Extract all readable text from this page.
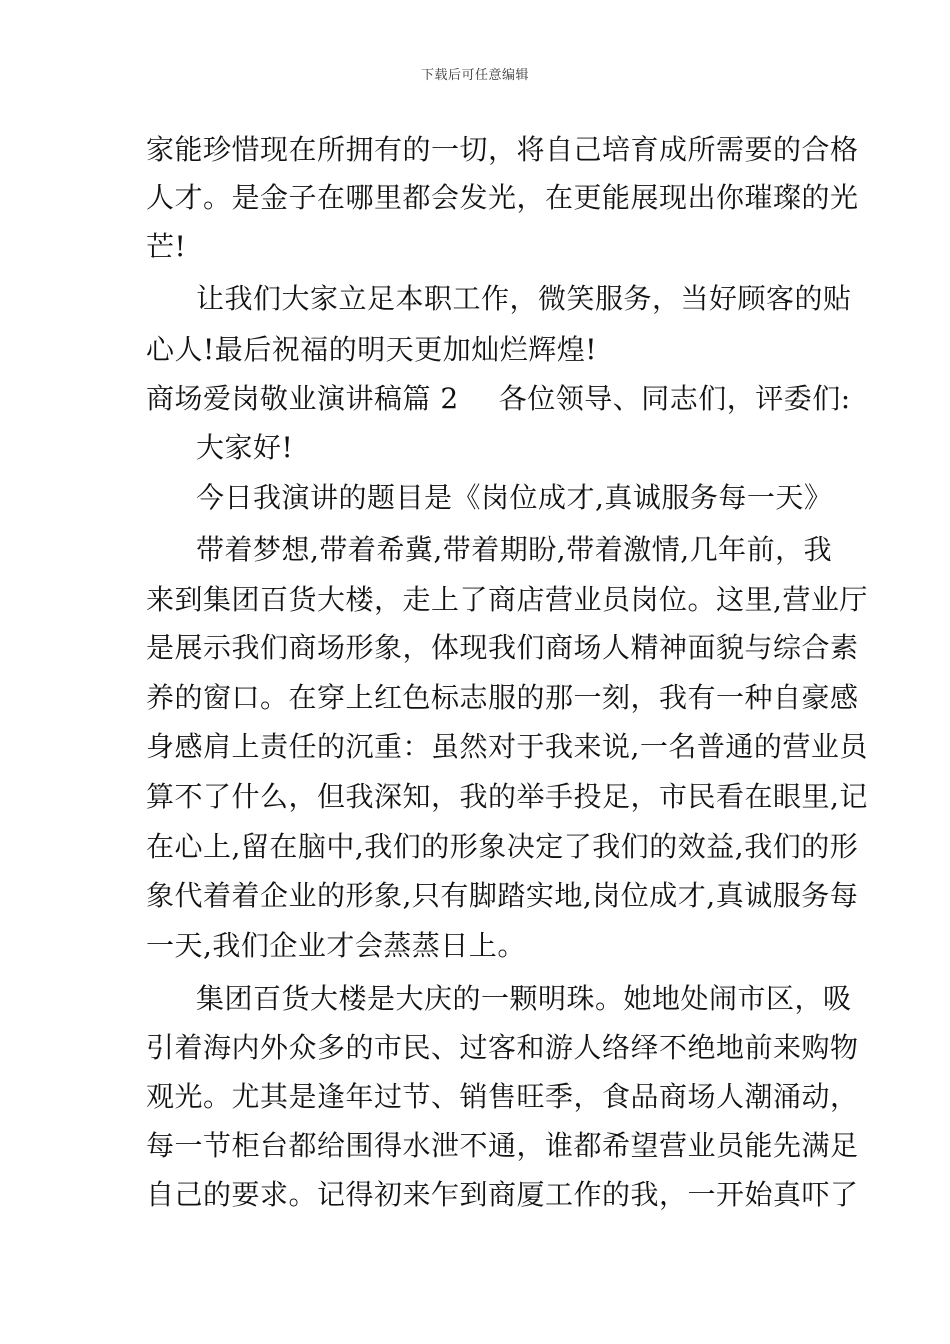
下载后可任意编辑
家能珍惜现在所拥有的一切，将自己培育成所需要的合格
人才。是金子在哪里都会发光，在更能展现出你璀璨的光
芒!
让我们大家立足本职工作，微笑服务，当好顾客的贴
心人!最后祝福的明天更加灿烂辉煌!
商场爱岗敬业演讲稿篇 2 各位领导、同志们，评委们:
大家好!
今日我演讲的题目是《岗位成才,真诚服务每一天》
带着梦想,带着希冀,带着期盼,带着激情,几年前，我
来到集团百货大楼，走上了商店营业员岗位。这里,营业厅
是展示我们商场形象，体现我们商场人精神面貌与综合素
养的窗口。在穿上红色标志服的那一刻，我有一种自豪感
身感肩上责任的沉重：虽然对于我来说,一名普通的营业员
算不了什么，但我深知，我的举手投足，市民看在眼里,记
在心上,留在脑中,我们的形象决定了我们的效益,我们的形
象代着着企业的形象,只有脚踏实地,岗位成才,真诚服务每
一天,我们企业才会蒸蒸日上。
集团百货大楼是大庆的一颗明珠。她地处闹市区，吸
引着海内外众多的市民、过客和游人络绎不绝地前来购物
观光。尤其是逢年过节、销售旺季，食品商场人潮涌动，
每一节柜台都给围得水泄不通，谁都希望营业员能先满足
自己的要求。记得初来乍到商厦工作的我，一开始真吓了
